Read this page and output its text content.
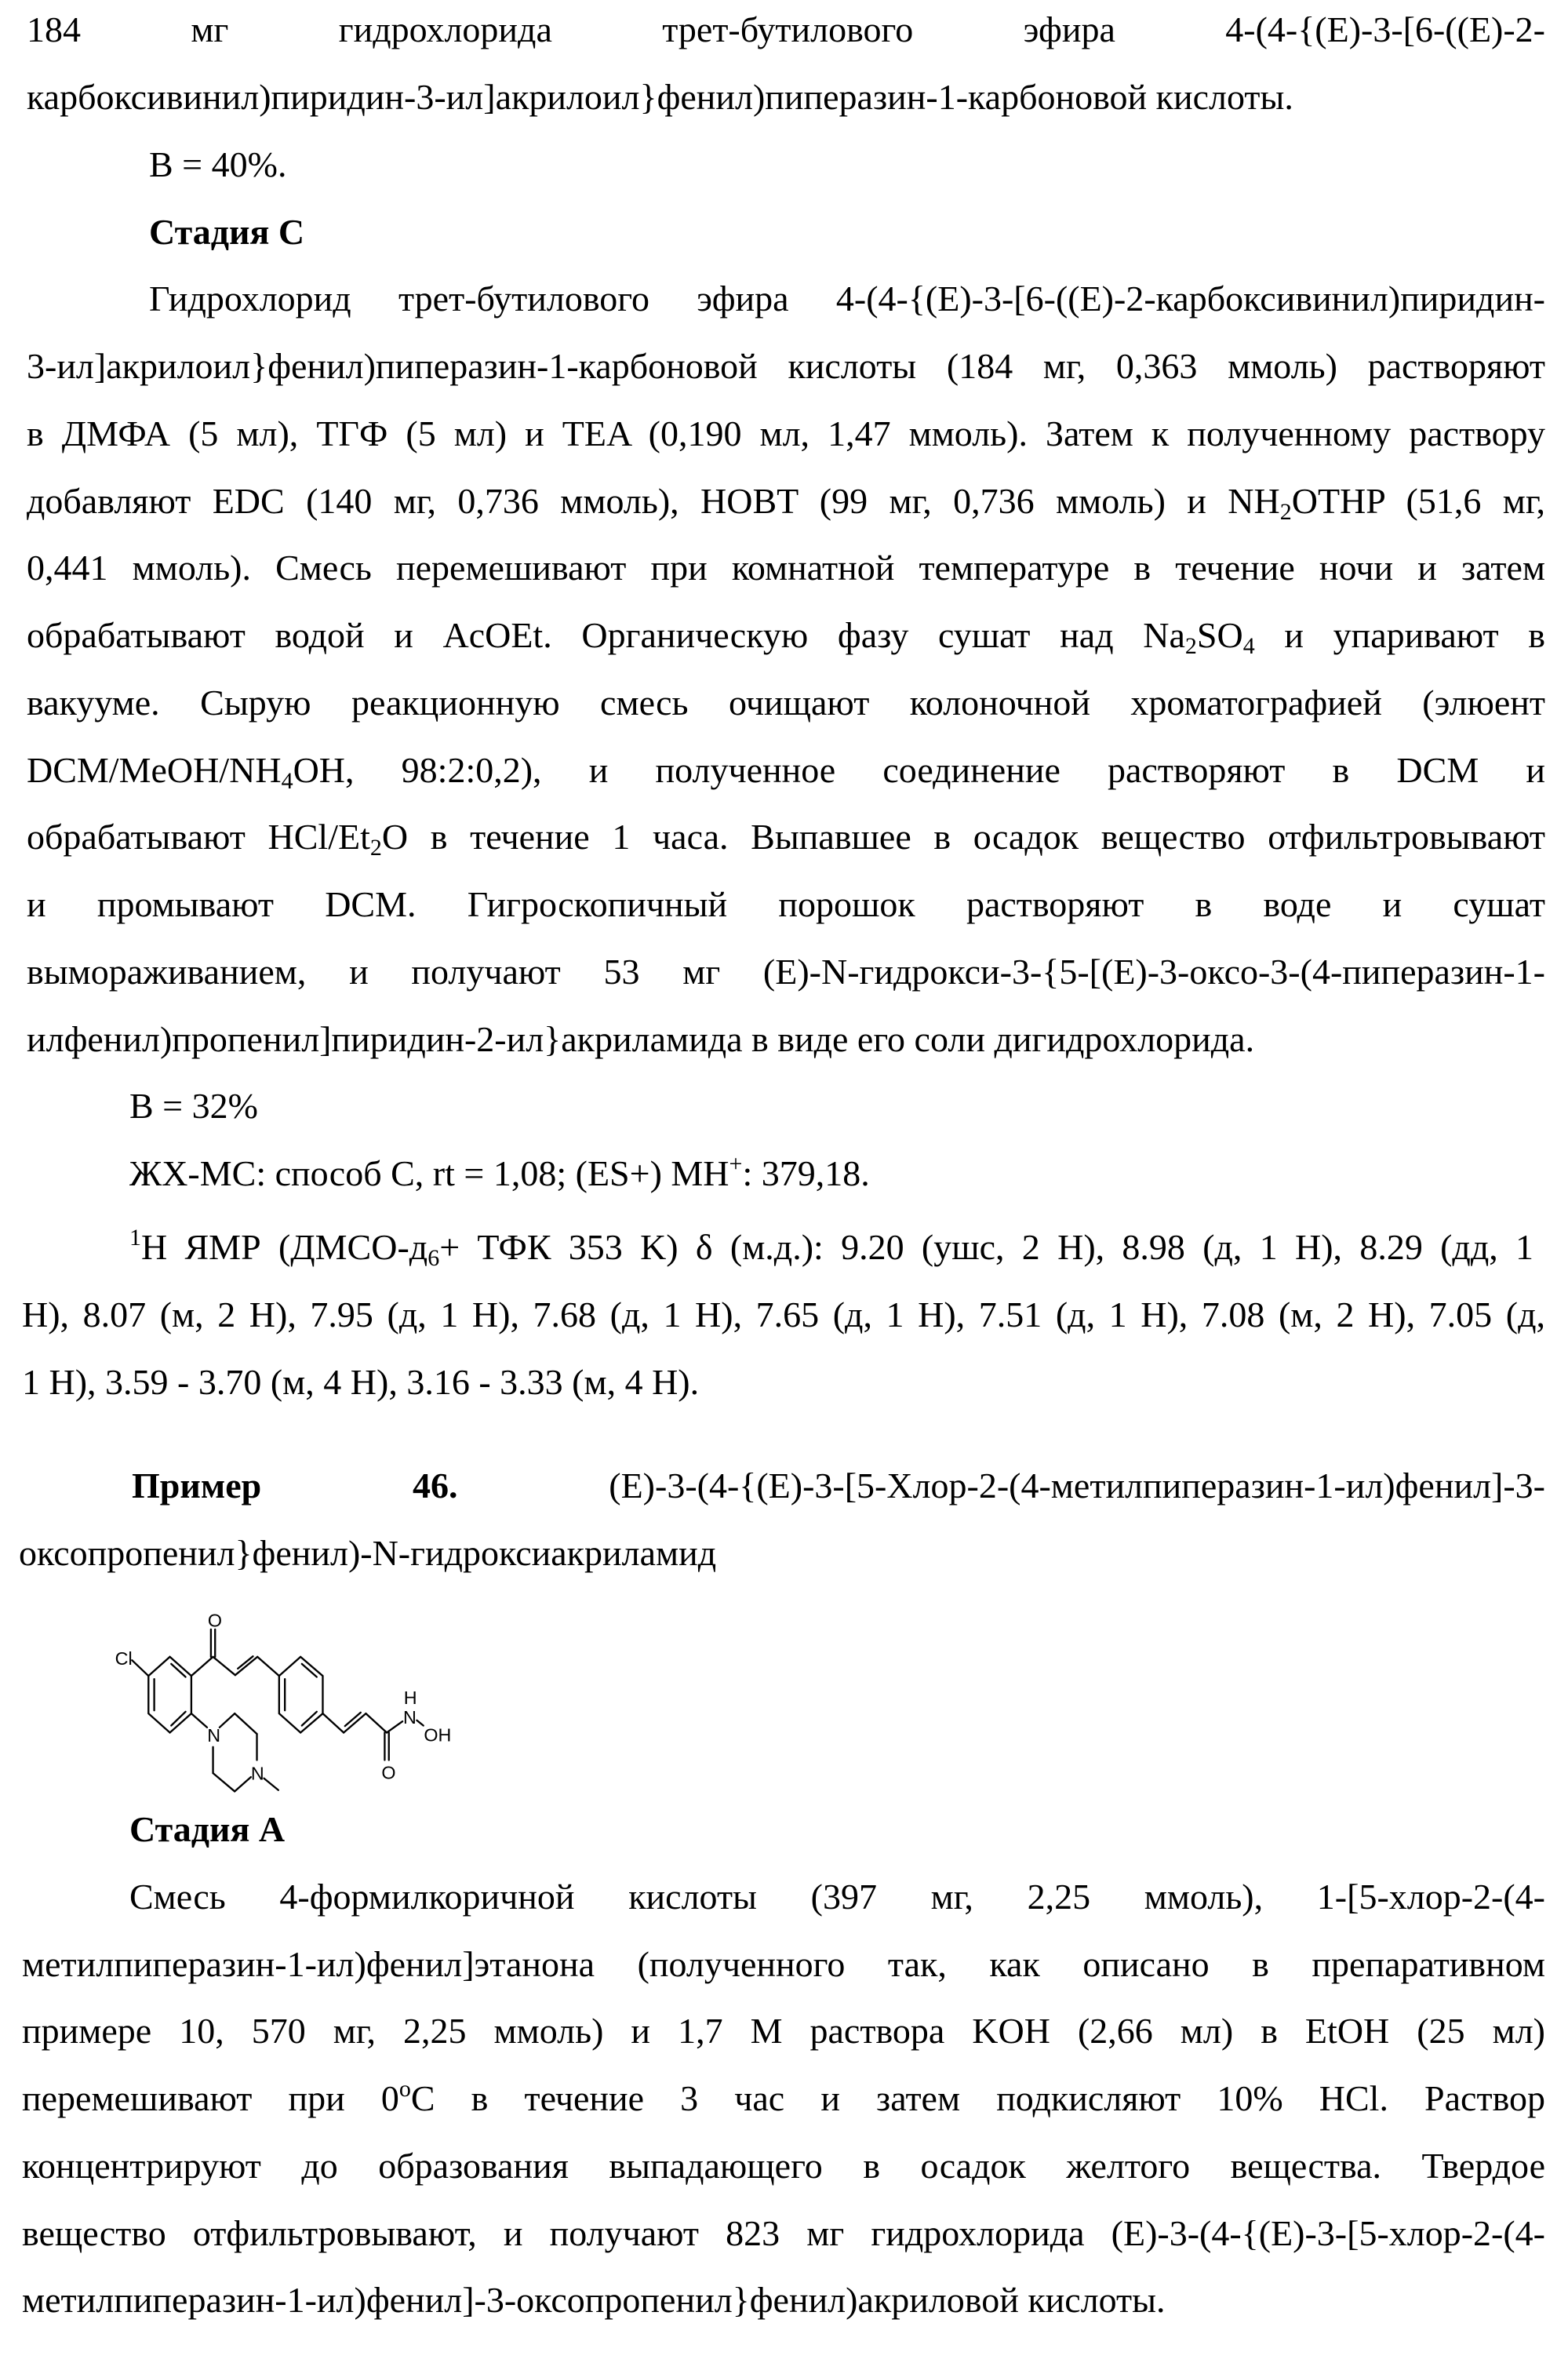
184 мг гидрохлорида трет-бутилового эфира 4-(4-{(E)-3-[6-((E)-2-
карбоксивинил)пиридин-3-ил]акрилоил}фенил)пиперазин-1-карбоновой кислоты.
B = 40%.
Стадия C
Гидрохлорид трет-бутилового эфира 4-(4-{(E)-3-[6-((E)-2-карбоксивинил)пиридин-
3-ил]акрилоил}фенил)пиперазин-1-карбоновой кислоты (184 мг, 0,363 ммоль) растворяют
в ДМФА (5 мл), ТГФ (5 мл) и TEA (0,190 мл, 1,47 ммоль). Затем к полученному раствору
добавляют EDC (140 мг, 0,736 ммоль), HOBT (99 мг, 0,736 ммоль) и NH2OTHP (51,6 мг,
0,441 ммоль). Смесь перемешивают при комнатной температуре в течение ночи и затем
обрабатывают водой и AcOEt. Органическую фазу сушат над Na2SO4 и упаривают в
вакууме. Сырую реакционную смесь очищают колоночной хроматографией (элюент
DCM/MeOH/NH4OH, 98:2:0,2), и полученное соединение растворяют в DCM и
обрабатывают HCl/Et2O в течение 1 часа. Выпавшее в осадок вещество отфильтровывают
и промывают DCM. Гигроскопичный порошок растворяют в воде и сушат
вымораживанием, и получают 53 мг (E)-N-гидрокси-3-{5-[(E)-3-оксо-3-(4-пиперазин-1-
илфенил)пропенил]пиридин-2-ил}акриламида в виде его соли дигидрохлорида.
B = 32%
ЖХ-МС: способ C, rt = 1,08; (ES+) MH+: 379,18.
1H ЯМР (ДМСО-д6+ ТФК 353 K) δ (м.д.): 9.20 (ушс, 2 H), 8.98 (д, 1 H), 8.29 (дд, 1
H), 8.07 (м, 2 H), 7.95 (д, 1 H), 7.68 (д, 1 H), 7.65 (д, 1 H), 7.51 (д, 1 H), 7.08 (м, 2 H), 7.05 (д,
1 H), 3.59 - 3.70 (м, 4 H), 3.16 - 3.33 (м, 4 H).
Пример 46. (E)-3-(4-{(E)-3-[5-Хлор-2-(4-метилпиперазин-1-ил)фенил]-3-
оксопропенил}фенил)-N-гидроксиакриламид
Cl
O
N
N
H
N
OH
O
Стадия A
Смесь 4-формилкоричной кислоты (397 мг, 2,25 ммоль), 1-[5-хлор-2-(4-
метилпиперазин-1-ил)фенил]этанона (полученного так, как описано в препаративном
примере 10, 570 мг, 2,25 ммоль) и 1,7 M раствора KOH (2,66 мл) в EtOH (25 мл)
перемешивают при 0oC в течение 3 час и затем подкисляют 10% HCl. Раствор
концентрируют до образования выпадающего в осадок желтого вещества. Твердое
вещество отфильтровывают, и получают 823 мг гидрохлорида (E)-3-(4-{(E)-3-[5-хлор-2-(4-
метилпиперазин-1-ил)фенил]-3-оксопропенил}фенил)акриловой кислоты.
